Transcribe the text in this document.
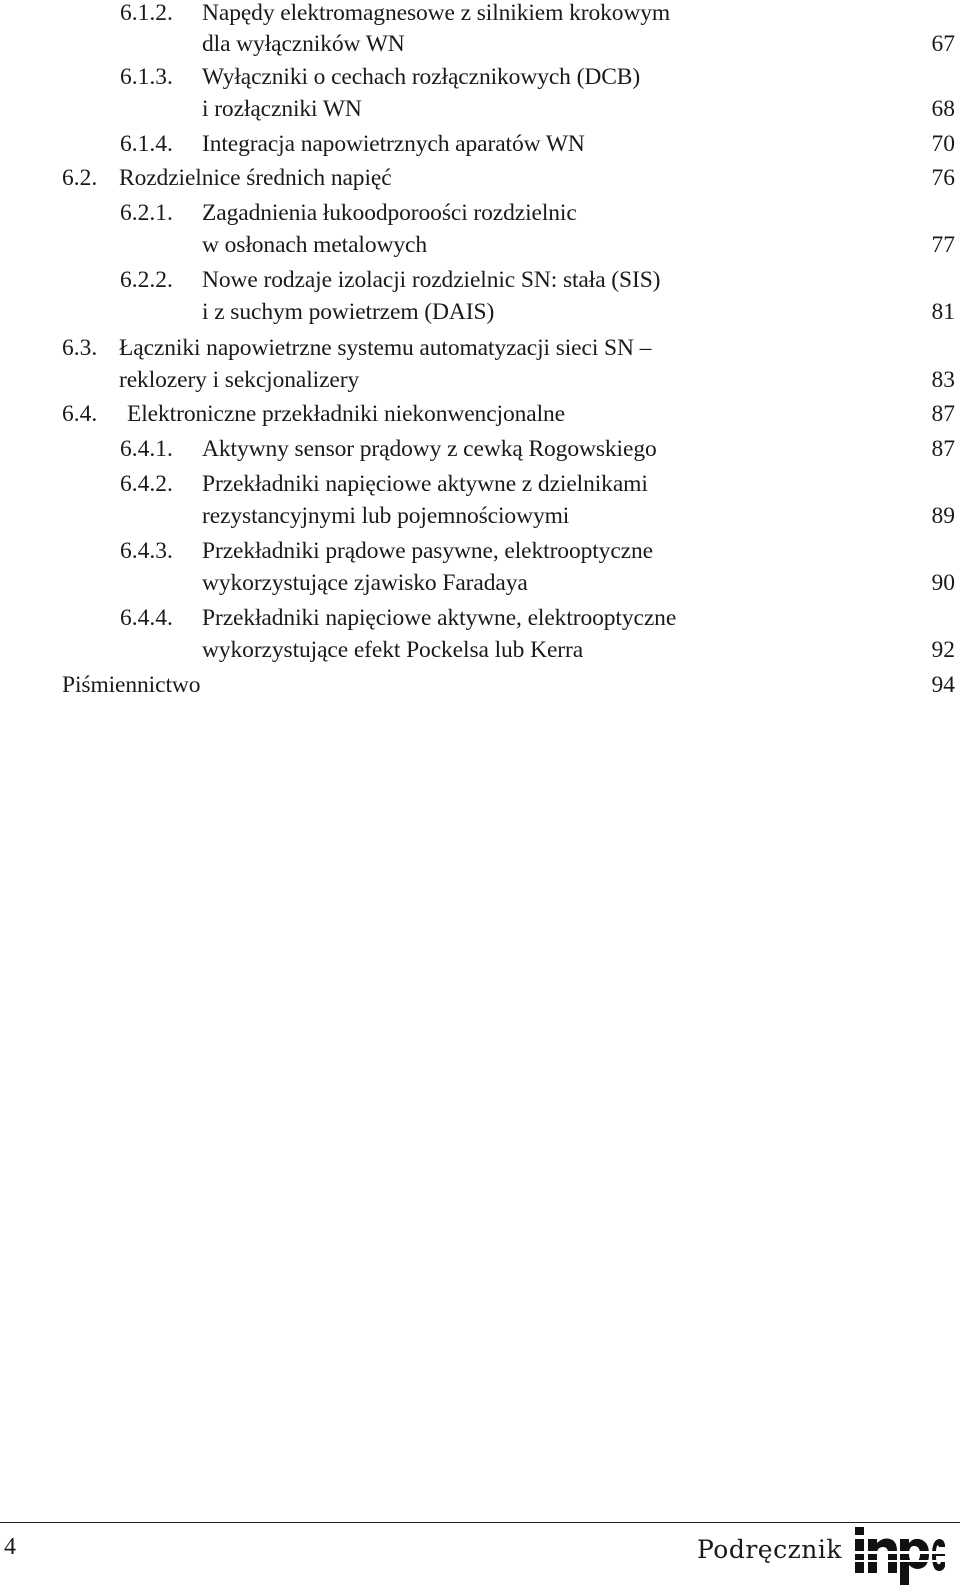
6.1.2. Napędy elektromagnesowe z silnikiem krokowym
dla wyłączników WN	67
6.1.3. Wyłączniki o cechach rozłącznikowych (DCB)
i rozłączniki WN	68
6.1.4. Integracja napowietrznych aparatów WN	70
6.2. Rozdzielnice średnich napięć	76
6.2.1. Zagadnienia łukoodporoości rozdzielnic
w osłonach metalowych	77
6.2.2. Nowe rodzaje izolacji rozdzielnic SN: stała (SIS)
i z suchym powietrzem (DAIS)	81
6.3. Łączniki napowietrzne systemu automatyzacji sieci SN –
reklozery i sekcjonalizery	83
6.4. Elektroniczne przekładniki niekonwencjonalne	87
6.4.1. Aktywny sensor prądowy z cewką Rogowskiego	87
6.4.2. Przekładniki napięciowe aktywne z dzielnikami
rezystancyjnymi lub pojemnościowymi	89
6.4.3. Przekładniki prądowe pasywne, elektrooptyczne
wykorzystujące zjawisko Faradaya	90
6.4.4. Przekładniki napięciowe aktywne, elektrooptyczne
wykorzystujące efekt Pockelsa lub Kerra	92
Piśmiennictwo	94
4	Podręcznik
